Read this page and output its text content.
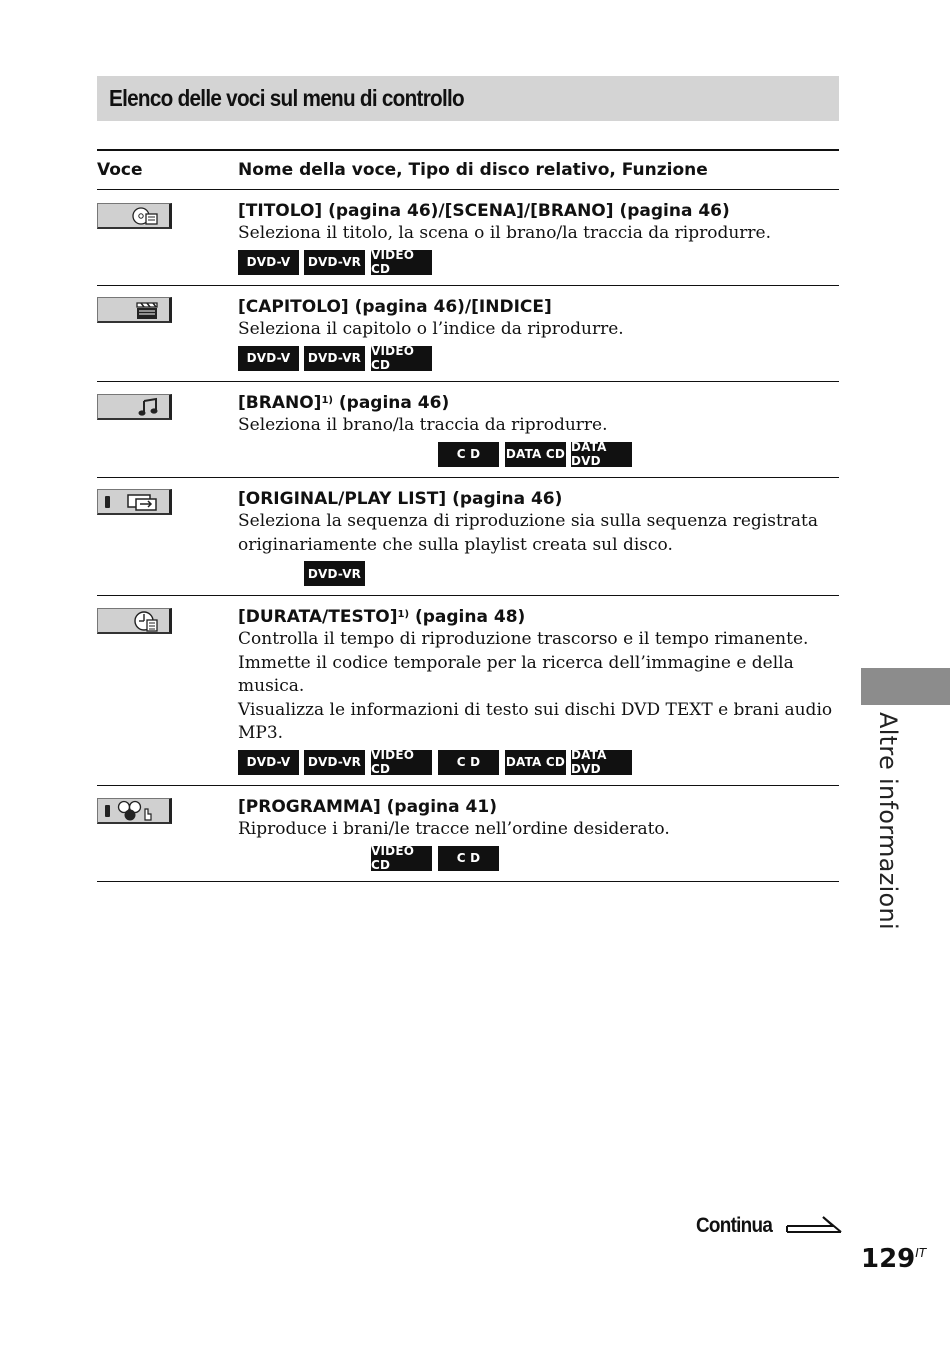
Elenco delle voci sul menu di controllo
Voce	Nome della voce, Tipo di disco relativo, Funzione
[TITOLO] (pagina 46)/[SCENA]/[BRANO] (pagina 46)
Seleziona il titolo, la scena o il brano/la traccia da riprodurre.
DVD-V	DVD-VR VIDEO CD
[CAPITOLO] (pagina 46)/[INDICE]
Seleziona il capitolo o l’indice da riprodurre.
DVD-V	DVD-VR VIDEO CD
[BRANO]$^{1)}$ (pagina 46)
Seleziona il brano/la traccia da riprodurre.
C D	DATA CD DATA DVD
[ORIGINAL/PLAY LIST] (pagina 46)
Seleziona la sequenza di riproduzione sia sulla sequenza registrata
originariamente che sulla playlist creata sul disco.
DVD-VR
[DURATA/TESTO]$^{1)}$ (pagina 48)
Controlla il tempo di riproduzione trascorso e il tempo rimanente.
Immette il codice temporale per la ricerca dell’immagine e della
musica.
Visualizza le informazioni di testo sui dischi DVD TEXT e brani audio
MP3.
DVD-V	DVD-VR VIDEO CD	C D	DATA CD DATA DVD
[PROGRAMMA] (pagina 41)
Riproduce i brani/le tracce nell’ordine desiderato.
VIDEO CD	C D	Altre informazioni
Continua
$129^{IT}$
